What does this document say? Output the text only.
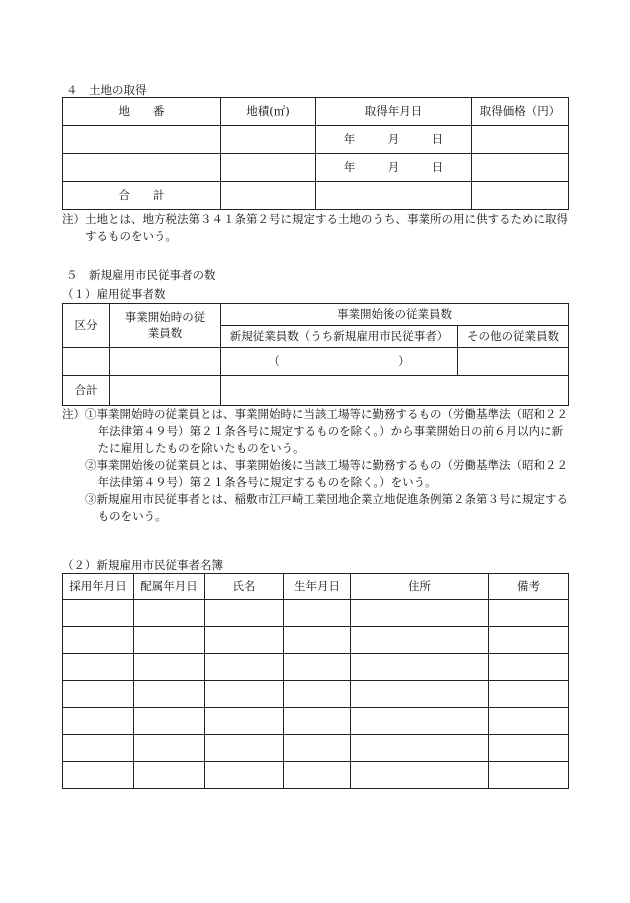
４　土地の取得
地　　番	地積(㎡)	取得年月日	取得価格（円）
		年 月 日	
		年 月 日	
合　　計			
注） 土地とは、地方税法第３４１条第２号に規定する土地のうち、事業所の用に供するために取得するものをいう。
５　新規雇用市民従事者の数
（１）雇用従事者数
区分	事業開始時の従業員数	事業開始後の従業員数	
		新規従業員数（うち新規雇用市民従事者）	その他の従業員数
		（ ）	
合計			
注） ①事業開始時の従業員とは、事業開始時に当該工場等に勤務するもの（労働基準法（昭和２２年法律第４９号）第２１条各号に規定するものを除く。）から事業開始日の前６月以内に新たに雇用したものを除いたものをいう。
②事業開始後の従業員とは、事業開始後に当該工場等に勤務するもの（労働基準法（昭和２２年法律第４９号）第２１条各号に規定するものを除く。）をいう。
③新規雇用市民従事者とは、稲敷市江戸崎工業団地企業立地促進条例第２条第３号に規定するものをいう。
（２）新規雇用市民従事者名簿
採用年月日	配属年月日	氏名	生年月日	住所	備考
